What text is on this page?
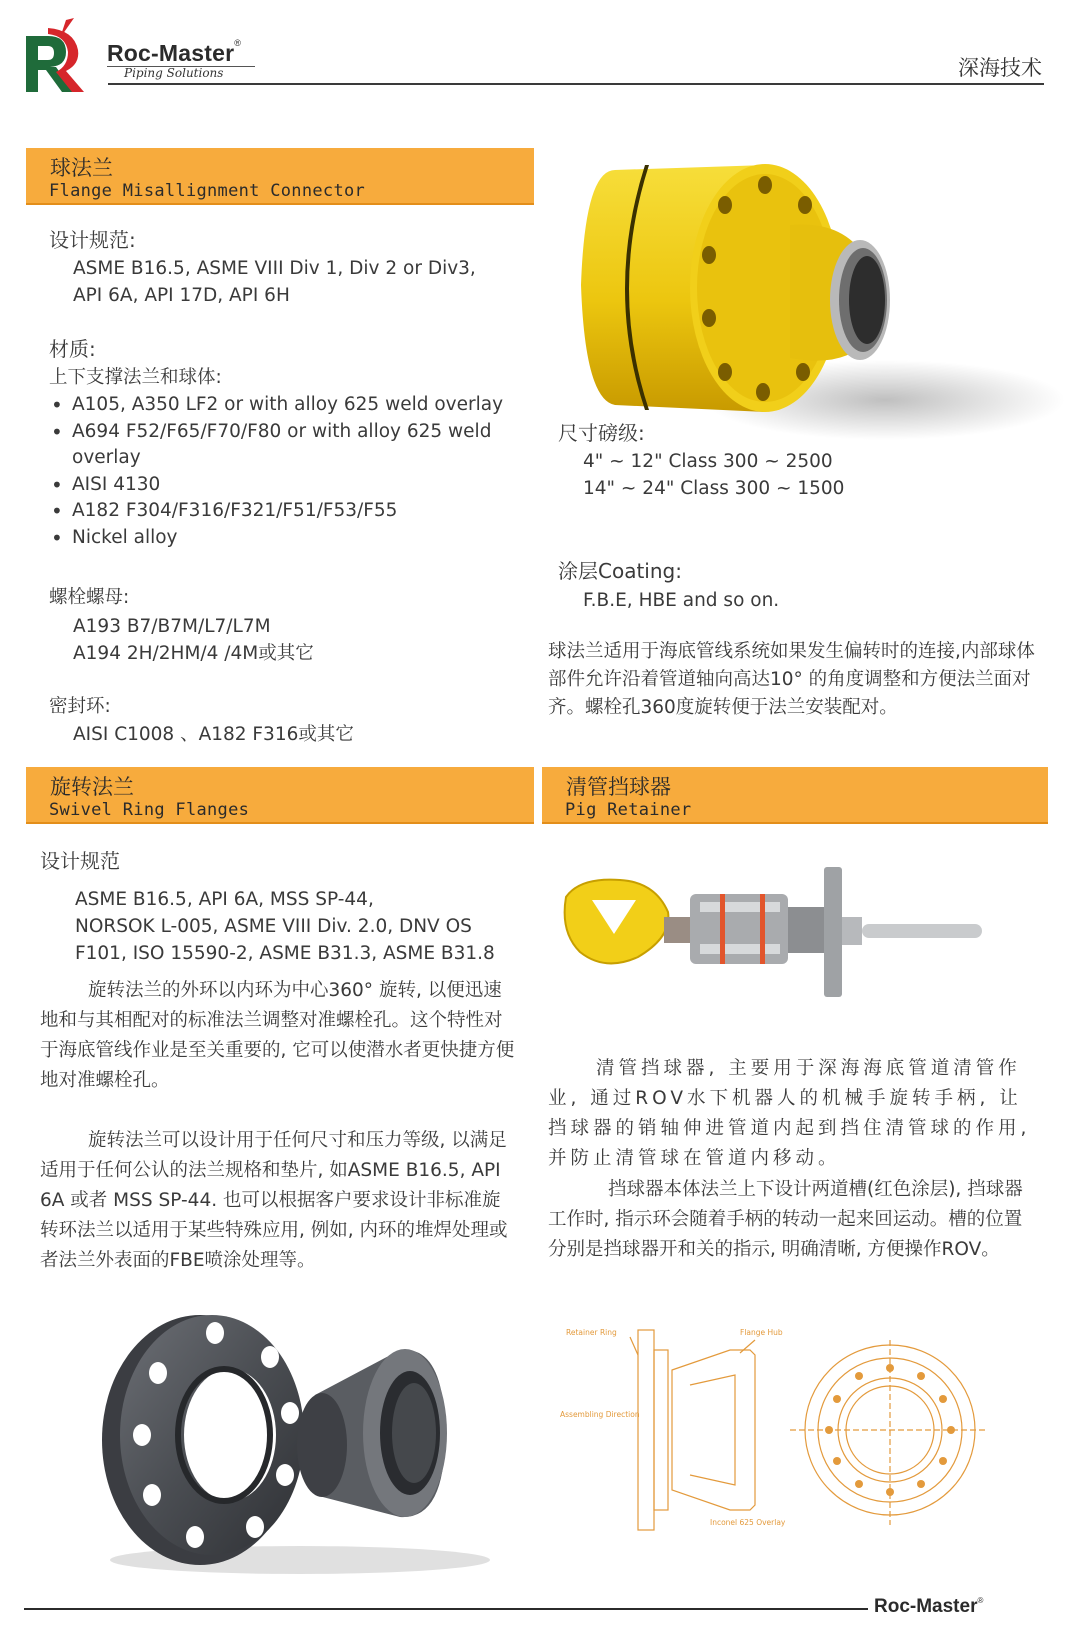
Roc-Master®
Piping Solutions	深海技术
球法兰
Flange Misallignment Connector
设计规范:
ASME B16.5, ASME VIII Div 1, Div 2 or Div3,
API 6A, API 17D, API 6H
材质:
上下支撑法兰和球体:
• A105, A350 LF2 or with alloy 625 weld overlay
• A694 F52/F65/F70/F80 or with alloy 625 weld
overlay
• AISI 4130
• A182 F304/F316/F321/F51/F53/F55
• Nickel alloy
螺栓螺母:
A193 B7/B7M/L7/L7M
A194 2H/2HM/4 /4M或其它
密封环:
AISI C1008 、A182 F316或其它
尺寸磅级:
4" ~ 12" Class 300 ~ 2500
14" ~ 24" Class 300 ~ 1500
涂层Coating:
F.B.E, HBE and so on.
球法兰适用于海底管线系统如果发生偏转时的连接,内部球体部件允许沿着管道轴向高达10° 的角度调整和方便法兰面对齐。螺栓孔360度旋转便于法兰安装配对。
旋转法兰
Swivel Ring Flanges
设计规范
ASME B16.5, API 6A, MSS SP-44,
NORSOK L-005, ASME VIII Div. 2.0, DNV OS
F101, ISO 15590-2, ASME B31.3, ASME B31.8
旋转法兰的外环以内环为中心360° 旋转, 以便迅速地和与其相配对的标准法兰调整对准螺栓孔。这个特性对于海底管线作业是至关重要的, 它可以使潜水者更快捷方便地对准螺栓孔。
旋转法兰可以设计用于任何尺寸和压力等级, 以满足适用于任何公认的法兰规格和垫片, 如ASME B16.5, API 6A 或者 MSS SP-44. 也可以根据客户要求设计非标准旋转环法兰以适用于某些特殊应用, 例如, 内环的堆焊处理或者法兰外表面的FBE喷涂处理等。
清管挡球器
Pig Retainer
清管挡球器, 主要用于深海海底管道清管作业, 通过ROV水下机器人的机械手旋转手柄, 让挡球器的销轴伸进管道内起到挡住清管球的作用, 并防止清管球在管道内移动。
挡球器本体法兰上下设计两道槽(红色涂层), 挡球器工作时, 指示环会随着手柄的转动一起来回运动。槽的位置分别是挡球器开和关的指示, 明确清晰, 方便操作ROV。
Retainer Ring	Flange Hub
Assembling Direction
Inconel 625 Overlay
Roc-Master®
